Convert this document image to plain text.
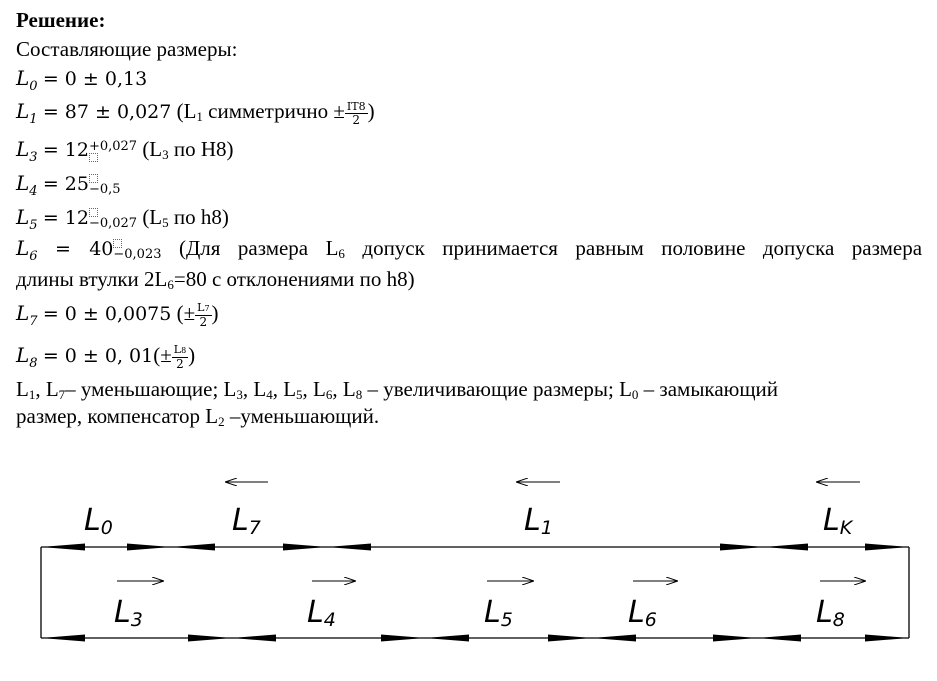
Решение:
Составляющие размеры:
$L_0 = 0 \pm 0,13$
$L_1 = 87 \pm 0,027$ (L1 симметрично ± $\frac{IT8}{2}$ )
$L_3 = 12 +0,027$ (L3 по H8)
$L_4 = 25 -0,5$
$L_5 = 12 -0,027$ (L5 по h8)
$L_6 = 40 -0,023$ (Для размера L6 допуск принимается равным половине допуска размера
длины втулки 2L6=80 с отклонениями по h8)
$L_7 = 0 \pm 0,0075$ (± $\frac{L7}{2}$ )
$L_8 = 0 \pm 0$, $01(\pm \frac{L8}{2}$ )
L1, L7– уменьшающие; L3, L4, L5, L6, L8 – увеличивающие размеры; L0 – замыкающий
размер, компенсатор L2 –уменьшающий.
L0	L7	L1	LK
L3	L4	L5	L6	L8
